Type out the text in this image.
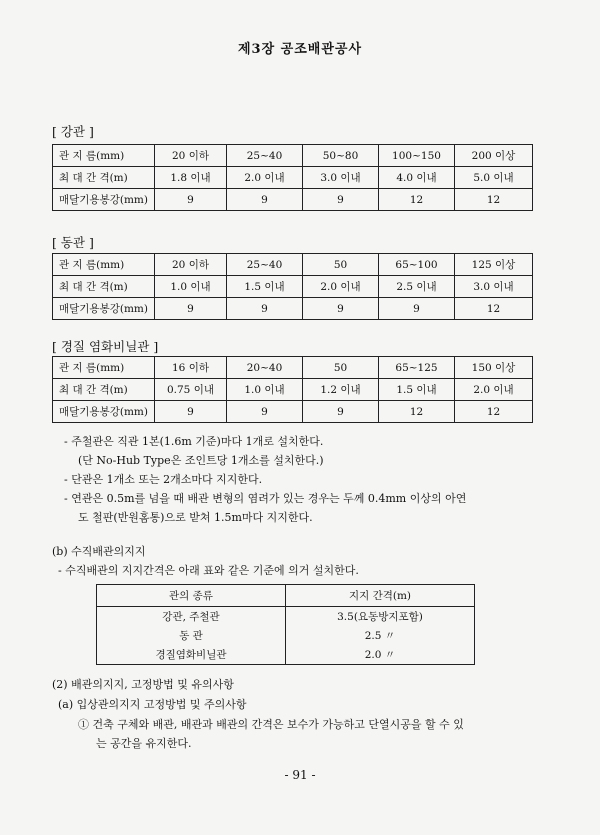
제3장 공조배관공사
[ 강관 ]
관 지 름(mm)	20 이하	25~40	50~80	100~150	200 이상
최 대 간 격(m)	1.8 이내	2.0 이내	3.0 이내	4.0 이내	5.0 이내
매달기용봉강(mm)	9	9	9	12	12
[ 동관 ]
관 지 름(mm)	20 이하	25~40	50	65~100	125 이상
최 대 간 격(m)	1.0 이내	1.5 이내	2.0 이내	2.5 이내	3.0 이내
매달기용봉강(mm)	9	9	9	9	12
[ 경질 염화비닐관 ]
관 지 름(mm)	16 이하	20~40	50	65~125	150 이상
최 대 간 격(m)	0.75 이내	1.0 이내	1.2 이내	1.5 이내	2.0 이내
매달기용봉강(mm)	9	9	9	12	12
- 주철관은 직관 1본(1.6m 기준)마다 1개로 설치한다.
(단 No-Hub Type은 조인트당 1개소를 설치한다.)
- 단관은 1개소 또는 2개소마다 지지한다.
- 연관은 0.5m를 넘을 때 배관 변형의 염려가 있는 경우는 두께 0.4mm 이상의 아연
도 철판(반원홈통)으로 받쳐 1.5m마다 지지한다.
(b) 수직배관의지지
- 수직배관의 지지간격은 아래 표와 같은 기준에 의거 설치한다.
관의 종류	지지 간격(m)
강관, 주철관	3.5(요동방지포함)
동 관	2.5 〃
경질염화비닐관	2.0 〃
(2) 배관의지지, 고정방법 및 유의사항
(a) 입상관의지지 고정방법 및 주의사항
① 건축 구체와 배관, 배관과 배관의 간격은 보수가 가능하고 단열시공을 할 수 있
는 공간을 유지한다.
- 91 -
